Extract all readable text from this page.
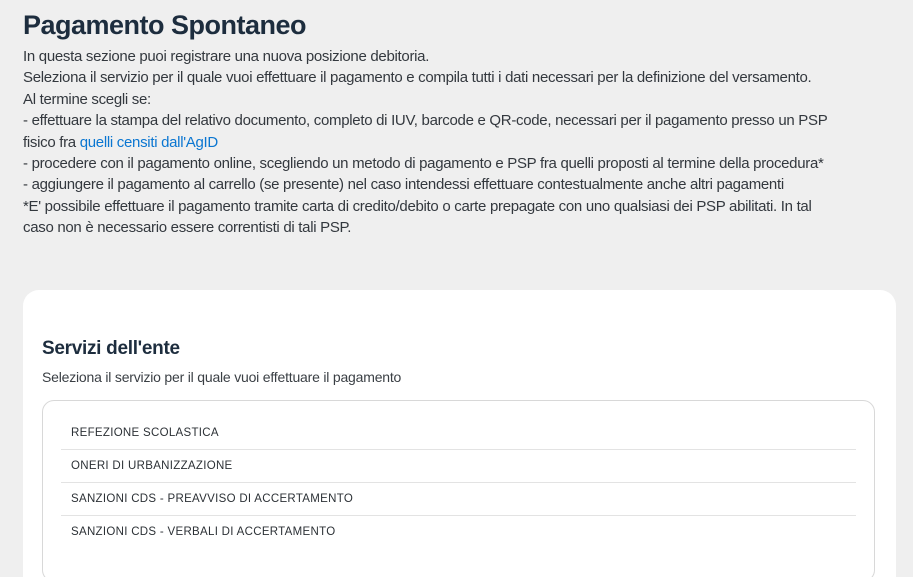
Pagamento Spontaneo
In questa sezione puoi registrare una nuova posizione debitoria.
Seleziona il servizio per il quale vuoi effettuare il pagamento e compila tutti i dati necessari per la definizione del versamento.
Al termine scegli se:
- effettuare la stampa del relativo documento, completo di IUV, barcode e QR-code, necessari per il pagamento presso un PSP
fisico fra quelli censiti dall'AgID
- procedere con il pagamento online, scegliendo un metodo di pagamento e PSP fra quelli proposti al termine della procedura*
- aggiungere il pagamento al carrello (se presente) nel caso intendessi effettuare contestualmente anche altri pagamenti
*E' possibile effettuare il pagamento tramite carta di credito/debito o carte prepagate con uno qualsiasi dei PSP abilitati. In tal
caso non è necessario essere correntisti di tali PSP.
Servizi dell'ente
Seleziona il servizio per il quale vuoi effettuare il pagamento
REFEZIONE SCOLASTICA
ONERI DI URBANIZZAZIONE
SANZIONI CDS - PREAVVISO DI ACCERTAMENTO
SANZIONI CDS - VERBALI DI ACCERTAMENTO
